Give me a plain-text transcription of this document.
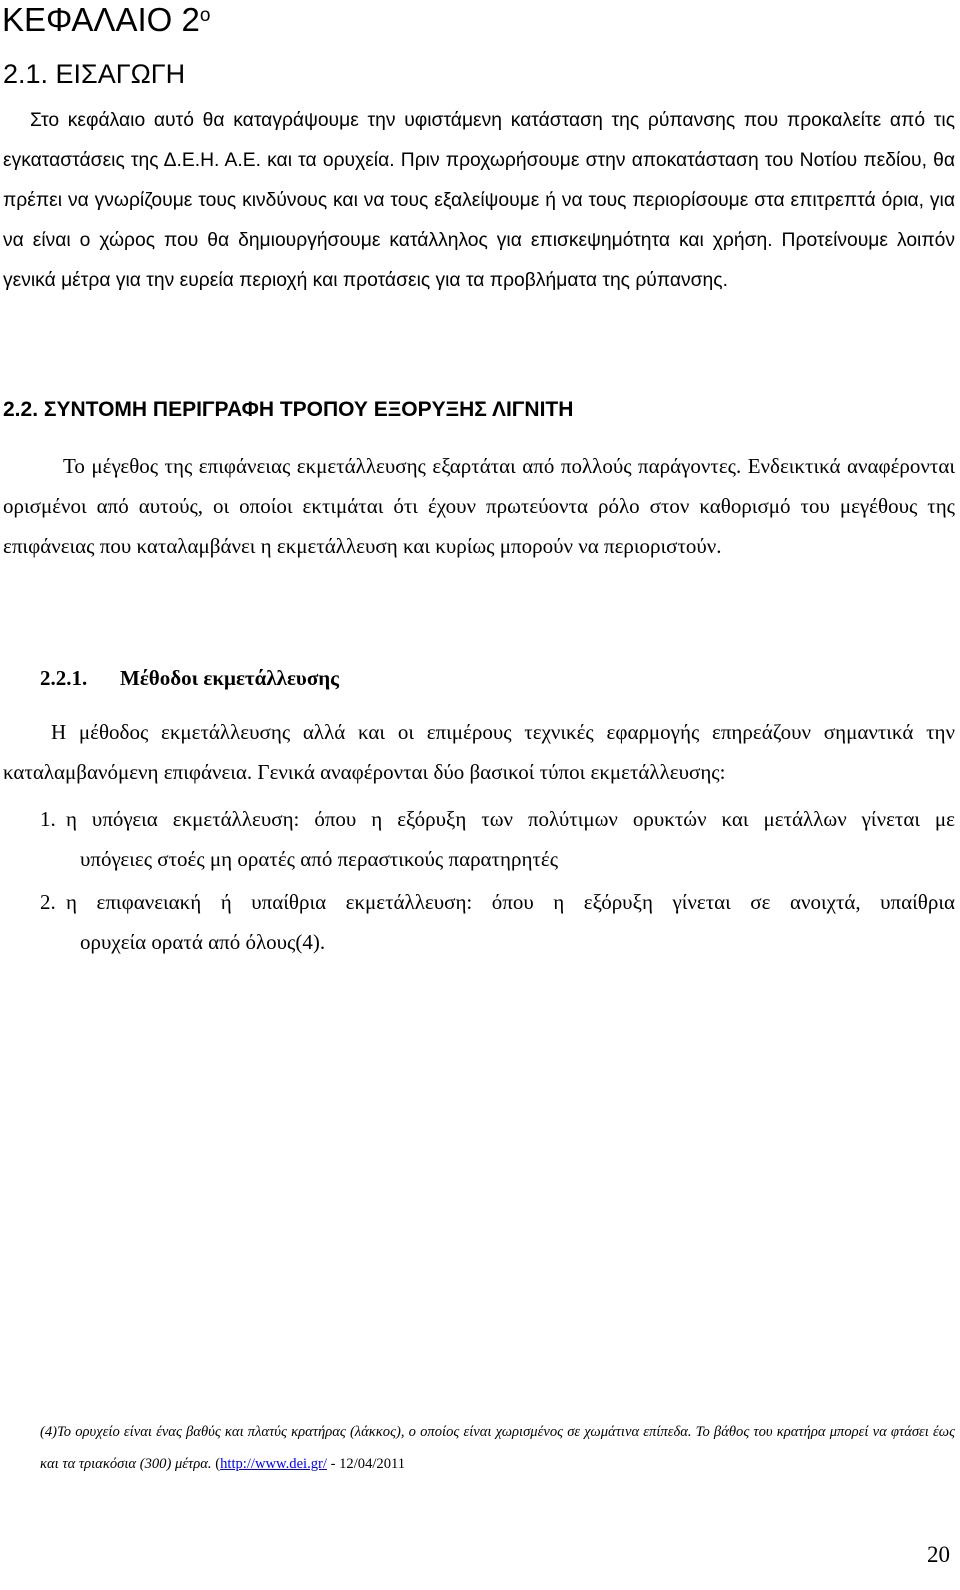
ΚΕΦΑΛΑΙΟ $2^o$
2.1. ΕΙΣΑΓΩΓΗ
Στο κεφάλαιο αυτό θα καταγράψουμε την υφιστάμενη κατάσταση της ρύπανσης που προκαλείτε από τις εγκαταστάσεις της Δ.Ε.Η. Α.Ε. και τα ορυχεία. Πριν προχωρήσουμε στην αποκατάσταση του Νοτίου πεδίου, θα πρέπει να γνωρίζουμε τους κινδύνους και να τους εξαλείψουμε ή να τους περιορίσουμε στα επιτρεπτά όρια, για να είναι ο χώρος που θα δημιουργήσουμε κατάλληλος για επισκεψημότητα και χρήση. Προτείνουμε λοιπόν γενικά μέτρα για την ευρεία περιοχή και προτάσεις για τα προβλήματα της ρύπανσης.
2.2. ΣΥΝΤΟΜΗ ΠΕΡΙΓΡΑΦΗ ΤΡΟΠΟΥ ΕΞΟΡΥΞΗΣ ΛΙΓΝΙΤΗ
Το μέγεθος της επιφάνειας εκμετάλλευσης εξαρτάται από πολλούς παράγοντες. Ενδεικτικά αναφέρονται ορισμένοι από αυτούς, οι οποίοι εκτιμάται ότι έχουν πρωτεύοντα ρόλο στον καθορισμό του μεγέθους της επιφάνειας που καταλαμβάνει η εκμετάλλευση και κυρίως μπορούν να περιοριστούν.
2.2.1. Μέθοδοι εκμετάλλευσης
Η μέθοδος εκμετάλλευσης αλλά και οι επιμέρους τεχνικές εφαρμογής επηρεάζουν σημαντικά την καταλαμβανόμενη επιφάνεια. Γενικά αναφέρονται δύο βασικοί τύποι εκμετάλλευσης:
1. η υπόγεια εκμετάλλευση: όπου η εξόρυξη των πολύτιμων ορυκτών και μετάλλων γίνεται με
υπόγειες στοές μη ορατές από περαστικούς παρατηρητές
2. η επιφανειακή ή υπαίθρια εκμετάλλευση: όπου η εξόρυξη γίνεται σε ανοιχτά, υπαίθρια
ορυχεία ορατά από όλους(4).
(4)Το ορυχείο είναι ένας βαθύς και πλατύς κρατήρας (λάκκος), ο οποίος είναι χωρισμένος σε χωμάτινα επίπεδα. Το βάθος του κρατήρα μπορεί να φτάσει έως και τα τριακόσια (300) μέτρα. (http://www.dei.gr/ - 12/04/2011
20
